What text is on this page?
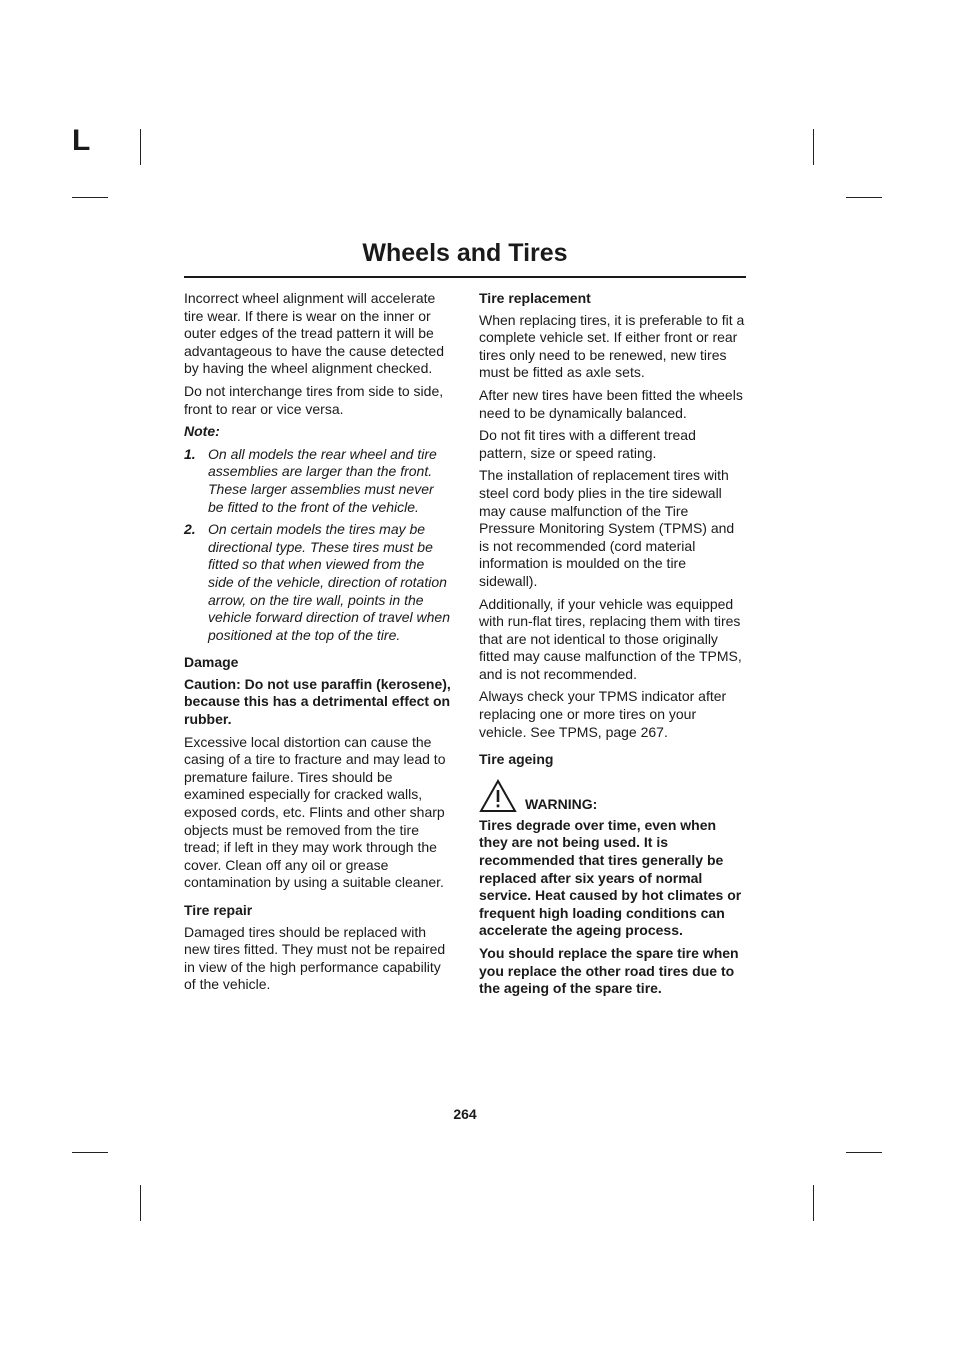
L

Wheels and Tires

Incorrect wheel alignment will accelerate tire wear. If there is wear on the inner or outer edges of the tread pattern it will be advantageous to have the cause detected by having the wheel alignment checked.

Do not interchange tires from side to side, front to rear or vice versa.

Note:

1. On all models the rear wheel and tire assemblies are larger than the front. These larger assemblies must never be fitted to the front of the vehicle.
2. On certain models the tires may be directional type. These tires must be fitted so that when viewed from the side of the vehicle, direction of rotation arrow, on the tire wall, points in the vehicle forward direction of travel when positioned at the top of the tire.
Damage

Caution: Do not use paraffin (kerosene), because this has a detrimental effect on rubber.

Excessive local distortion can cause the casing of a tire to fracture and may lead to premature failure. Tires should be examined especially for cracked walls, exposed cords, etc. Flints and other sharp objects must be removed from the tire tread; if left in they may work through the cover. Clean off any oil or grease contamination by using a suitable cleaner.

Tire repair

Damaged tires should be replaced with new tires fitted. They must not be repaired in view of the high performance capability of the vehicle.

Tire replacement

When replacing tires, it is preferable to fit a complete vehicle set. If either front or rear tires only need to be renewed, new tires must be fitted as axle sets.

After new tires have been fitted the wheels need to be dynamically balanced.

Do not fit tires with a different tread pattern, size or speed rating.

The installation of replacement tires with steel cord body plies in the tire sidewall may cause malfunction of the Tire Pressure Monitoring System (TPMS) and is not recommended (cord material information is moulded on the tire sidewall).

Additionally, if your vehicle was equipped with run-flat tires, replacing them with tires that are not identical to those originally fitted may cause malfunction of the TPMS, and is not recommended.

Always check your TPMS indicator after replacing one or more tires on your vehicle. See TPMS, page 267.

Tire ageing
WARNING:

Tires degrade over time, even when they are not being used. It is recommended that tires generally be replaced after six years of normal service. Heat caused by hot climates or frequent high loading conditions can accelerate the ageing process.

You should replace the spare tire when you replace the other road tires due to the ageing of the spare tire.

264
